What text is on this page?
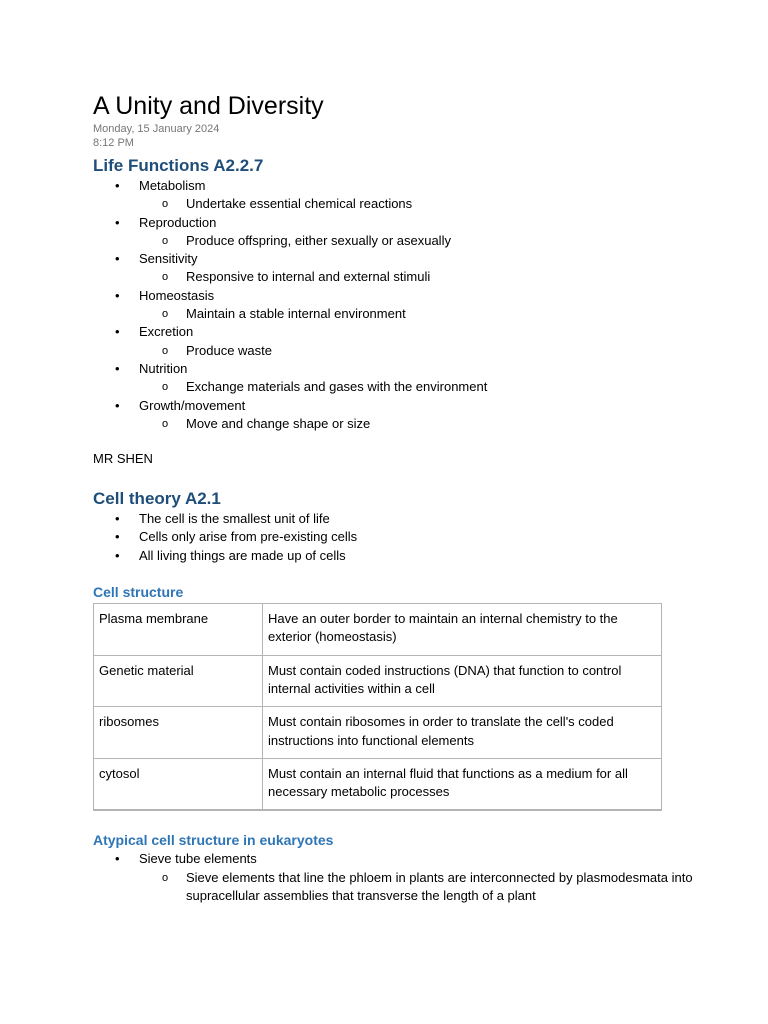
A Unity and Diversity
Monday, 15 January 2024
8:12 PM
Life Functions A2.2.7
• Metabolism
o Undertake essential chemical reactions
• Reproduction
o Produce offspring, either sexually or asexually
• Sensitivity
o Responsive to internal and external stimuli
• Homeostasis
o Maintain a stable internal environment
• Excretion
o Produce waste
• Nutrition
o Exchange materials and gases with the environment
• Growth/movement
o Move and change shape or size
MR SHEN
Cell theory A2.1
• The cell is the smallest unit of life
• Cells only arise from pre-existing cells
• All living things are made up of cells
Cell structure
Plasma membrane	Have an outer border to maintain an internal chemistry to the exterior (homeostasis)
Genetic material	Must contain coded instructions (DNA) that function to control internal activities within a cell
ribosomes	Must contain ribosomes in order to translate the cell's coded instructions into functional elements
cytosol	Must contain an internal fluid that functions as a medium for all necessary metabolic processes
Atypical cell structure in eukaryotes
• Sieve tube elements
o Sieve elements that line the phloem in plants are interconnected by plasmodesmata into supracellular assemblies that transverse the length of a plant
